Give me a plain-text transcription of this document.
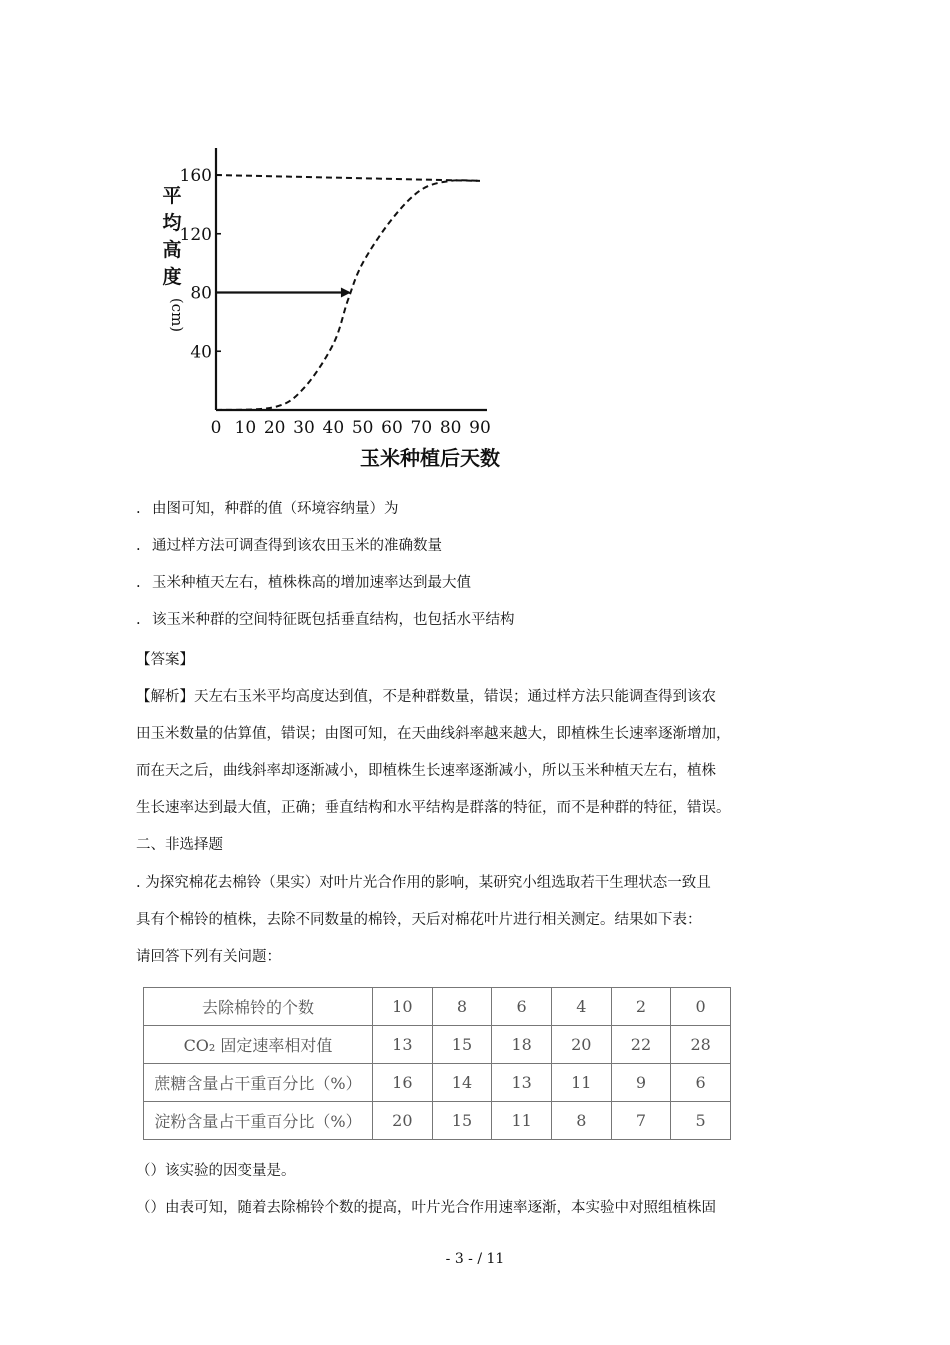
40
80
120
160
0 10 20 30 40 50 60 70 80 90
平
均
高
度
(cm)
玉米种植后天数
. 由图可知，种群的值（环境容纳量）为
. 通过样方法可调查得到该农田玉米的准确数量
. 玉米种植天左右，植株株高的增加速率达到最大值
. 该玉米种群的空间特征既包括垂直结构，也包括水平结构
【答案】
【解析】天左右玉米平均高度达到值，不是种群数量，错误；通过样方法只能调查得到该农
田玉米数量的估算值，错误；由图可知，在天曲线斜率越来越大，即植株生长速率逐渐增加，
而在天之后，曲线斜率却逐渐减小，即植株生长速率逐渐减小，所以玉米种植天左右，植株
生长速率达到最大值，正确；垂直结构和水平结构是群落的特征，而不是种群的特征，错误。
二、非选择题
. 为探究棉花去棉铃（果实）对叶片光合作用的影响，某研究小组选取若干生理状态一致且
具有个棉铃的植株，去除不同数量的棉铃，天后对棉花叶片进行相关测定。结果如下表：
请回答下列有关问题：
去除棉铃的个数	10	8	6	4	2	0
CO₂ 固定速率相对值	13	15	18	20	22	28
蔗糖含量占干重百分比（%）	16	14	13	11	9	6
淀粉含量占干重百分比（%）	20	15	11	8	7	5
（）该实验的因变量是。
（）由表可知，随着去除棉铃个数的提高，叶片光合作用速率逐渐，本实验中对照组植株固
- 3 - / 11
